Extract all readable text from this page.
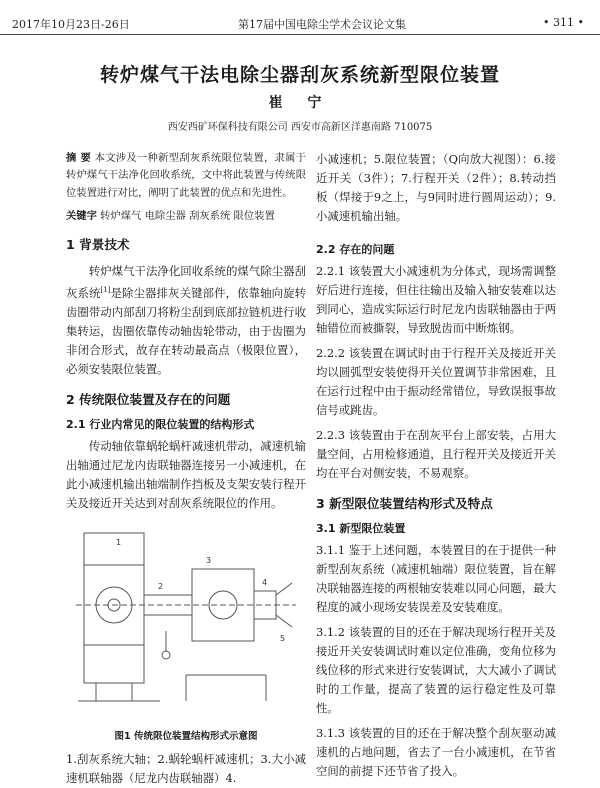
2017年10月23日-26日	第17届中国电除尘学术会议论文集	• 311 •
转炉煤气干法电除尘器刮灰系统新型限位装置
崔 宁
西安西矿环保科技有限公司 西安市高新区洋惠南路 710075

摘 要 本文涉及一种新型刮灰系统限位装置，隶属于转炉煤气干法净化回收系统，文中将此装置与传统限位装置进行对比，阐明了此装置的优点和先进性。

关键字 转炉煤气 电除尘器 刮灰系统 限位装置

1 背景技术

转炉煤气干法净化回收系统的煤气除尘器刮灰系统[1]是除尘器排灰关键部件，依靠轴向旋转齿圈带动内部刮刀将粉尘刮到底部拉链机进行收集转运，齿圈依靠传动轴齿轮带动，由于齿圈为非闭合形式，故存在转动最高点（极限位置），必须安装限位装置。

2 传统限位装置及存在的问题
2.1 行业内常见的限位装置的结构形式

传动轴依靠蜗轮蜗杆减速机带动，减速机输出轴通过尼龙内齿联轴器连接另一小减速机，在此小减速机输出轴端制作挡板及支架安装行程开关及接近开关达到对刮灰系统限位的作用。

1
2
3
4
5
图1 传统限位装置结构形式示意图

1.刮灰系统大轴；2.蜗轮蜗杆减速机；3.大小减速机联轴器（尼龙内齿联轴器）4.

小减速机；5.限位装置；（Q向放大视图）：6.接近开关（3件）；7.行程开关（2件）；8.转动挡板（焊接于9之上，与9同时进行圆周运动）；9.小减速机输出轴。

2.2 存在的问题

2.2.1 该装置大小减速机为分体式，现场需调整好后进行连接，但往往输出及输入轴安装难以达到同心，造成实际运行时尼龙内齿联轴器由于两轴错位而被撕裂，导致脱齿而中断炼钢。

2.2.2 该装置在调试时由于行程开关及接近开关均以圆弧型安装使得开关位置调节非常困难，且在运行过程中由于振动经常错位，导致误报事故信号或跳齿。

2.2.3 该装置由于在刮灰平台上部安装，占用大量空间，占用检修通道，且行程开关及接近开关均在平台对侧安装，不易观察。

3 新型限位装置结构形式及特点
3.1 新型限位装置

3.1.1 鉴于上述问题，本装置目的在于提供一种新型刮灰系统（减速机轴端）限位装置，旨在解决联轴器连接的两根轴安装难以同心问题，最大程度的减小现场安装误差及安装难度。

3.1.2 该装置的目的还在于解决现场行程开关及接近开关安装调试时难以定位准确，变角位移为线位移的形式来进行安装调试，大大减小了调试时的工作量，提高了装置的运行稳定性及可靠性。

3.1.3 该装置的目的还在于解决整个刮灰驱动减速机的占地问题，省去了一台小减速机，在节省空间的前提下还节省了投入。
